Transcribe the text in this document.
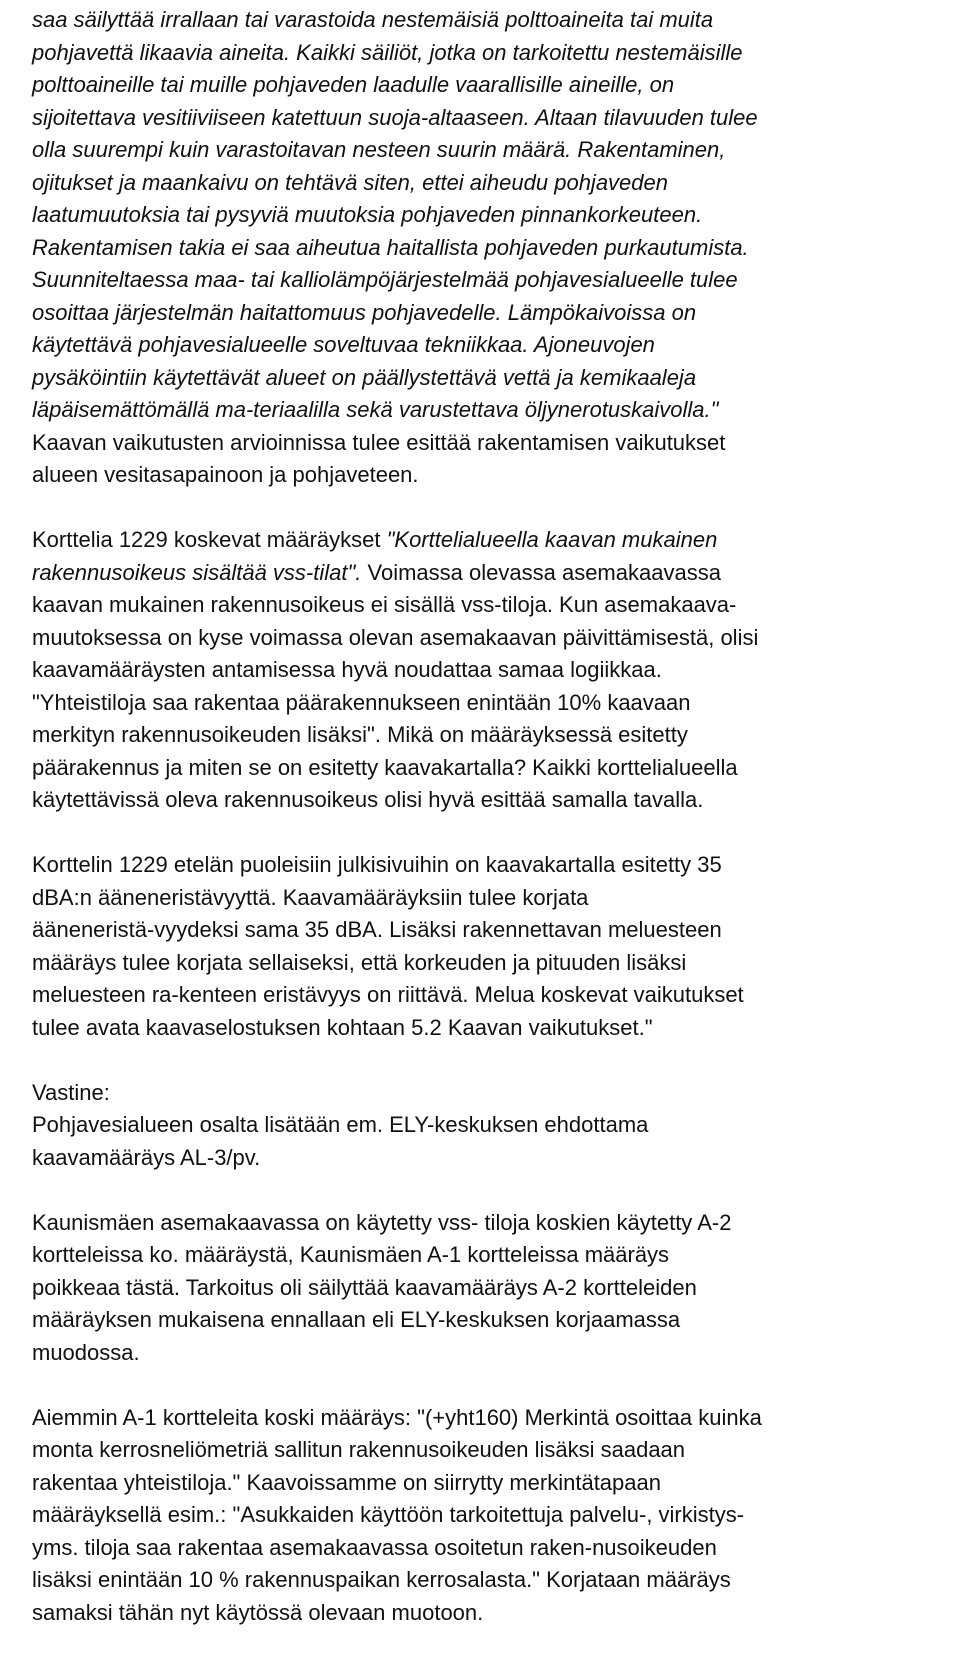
saa säilyttää irrallaan tai varastoida nestemäisiä polttoaineita tai muita
pohjavettä likaavia aineita. Kaikki säiliöt, jotka on tarkoitettu nestemäisille
polttoaineille tai muille pohjaveden laadulle vaarallisille aineille, on
sijoitettava vesitiiviiseen katettuun suoja-altaaseen. Altaan tilavuuden tulee
olla suurempi kuin varastoitavan nesteen suurin määrä. Rakentaminen,
ojitukset ja maankaivu on tehtävä siten, ettei aiheudu pohjaveden
laatumuutoksia tai pysyviä muutoksia pohjaveden pinnankorkeuteen.
Rakentamisen takia ei saa aiheutua haitallista pohjaveden purkautumista.
Suunniteltaessa maa- tai kalliolämpöjärjestelmää pohjavesialueelle tulee
osoittaa järjestelmän haitattomuus pohjavedelle. Lämpökaivoissa on
käytettävä pohjavesialueelle soveltuvaa tekniikkaa. Ajoneuvojen
pysäköintiin käytettävät alueet on päällystettävä vettä ja kemikaaleja
läpäisemättömällä ma-teriaalilla sekä varustettava öljynerotuskaivolla."
Kaavan vaikutusten arvioinnissa tulee esittää rakentamisen vaikutukset
alueen vesitasapainoon ja pohjaveteen.
Korttelia 1229 koskevat määräykset "Korttelialueella kaavan mukainen
rakennusoikeus sisältää vss-tilat". Voimassa olevassa asemakaavassa
kaavan mukainen rakennusoikeus ei sisällä vss-tiloja. Kun asemakaava-
muutoksessa on kyse voimassa olevan asemakaavan päivittämisestä, olisi
kaavamääräysten antamisessa hyvä noudattaa samaa logiikkaa.
"Yhteistiloja saa rakentaa päärakennukseen enintään 10% kaavaan
merkityn rakennusoikeuden lisäksi". Mikä on määräyksessä esitetty
päärakennus ja miten se on esitetty kaavakartalla? Kaikki korttelialueella
käytettävissä oleva rakennusoikeus olisi hyvä esittää samalla tavalla.
Korttelin 1229 etelän puoleisiin julkisivuihin on kaavakartalla esitetty 35
dBA:n ääneneristävyyttä. Kaavamääräyksiin tulee korjata
ääneneristä-vyydeksi sama 35 dBA. Lisäksi rakennettavan meluesteen
määräys tulee korjata sellaiseksi, että korkeuden ja pituuden lisäksi
meluesteen ra-kenteen eristävyys on riittävä. Melua koskevat vaikutukset
tulee avata kaavaselostuksen kohtaan 5.2 Kaavan vaikutukset."
Vastine:
Pohjavesialueen osalta lisätään em. ELY-keskuksen ehdottama
kaavamääräys AL-3/pv.
Kaunismäen asemakaavassa on käytetty vss- tiloja koskien käytetty A-2
kortteleissa ko. määräystä, Kaunismäen A-1 kortteleissa määräys
poikkeaa tästä. Tarkoitus oli säilyttää kaavamääräys A-2 kortteleiden
määräyksen mukaisena ennallaan eli ELY-keskuksen korjaamassa
muodossa.
Aiemmin A-1 kortteleita koski määräys: "(+yht160) Merkintä osoittaa kuinka
monta kerrosneliömetriä sallitun rakennusoikeuden lisäksi saadaan
rakentaa yhteistiloja." Kaavoissamme on siirrytty merkintätapaan
määräyksellä esim.: "Asukkaiden käyttöön tarkoitettuja palvelu-, virkistys-
yms. tiloja saa rakentaa asemakaavassa osoitetun raken-nusoikeuden
lisäksi enintään 10 % rakennuspaikan kerrosalasta." Korjataan määräys
samaksi tähän nyt käytössä olevaan muotoon.
